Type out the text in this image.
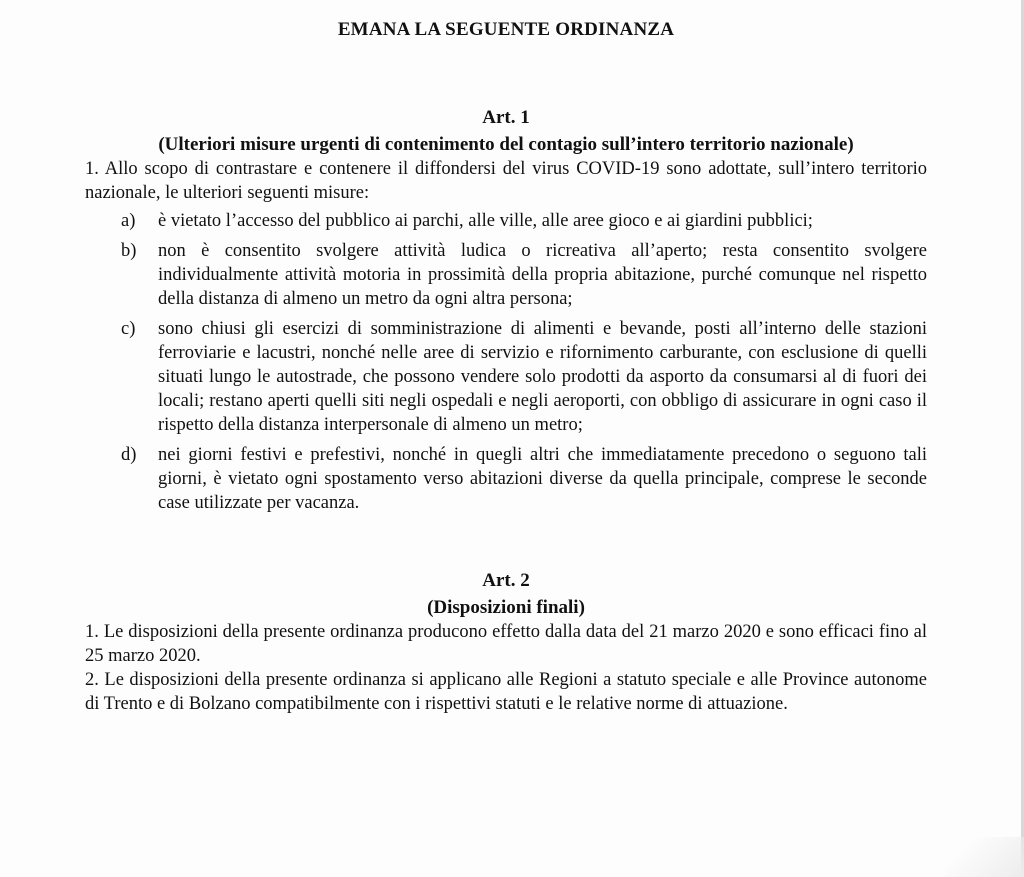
EMANA LA SEGUENTE ORDINANZA
Art. 1
(Ulteriori misure urgenti di contenimento del contagio sull’intero territorio nazionale)

1. Allo scopo di contrastare e contenere il diffondersi del virus COVID-19 sono adottate, sull’intero territorio nazionale, le ulteriori seguenti misure:

a) è vietato l’accesso del pubblico ai parchi, alle ville, alle aree gioco e ai giardini pubblici;
b) non è consentito svolgere attività ludica o ricreativa all’aperto; resta consentito svolgere individualmente attività motoria in prossimità della propria abitazione, purché comunque nel rispetto della distanza di almeno un metro da ogni altra persona;
c) sono chiusi gli esercizi di somministrazione di alimenti e bevande, posti all’interno delle stazioni ferroviarie e lacustri, nonché nelle aree di servizio e rifornimento carburante, con esclusione di quelli situati lungo le autostrade, che possono vendere solo prodotti da asporto da consumarsi al di fuori dei locali; restano aperti quelli siti negli ospedali e negli aeroporti, con obbligo di assicurare in ogni caso il rispetto della distanza interpersonale di almeno un metro;
d) nei giorni festivi e prefestivi, nonché in quegli altri che immediatamente precedono o seguono tali giorni, è vietato ogni spostamento verso abitazioni diverse da quella principale, comprese le seconde case utilizzate per vacanza.
Art. 2
(Disposizioni finali)

1. Le disposizioni della presente ordinanza producono effetto dalla data del 21 marzo 2020 e sono efficaci fino al 25 marzo 2020.

2. Le disposizioni della presente ordinanza si applicano alle Regioni a statuto speciale e alle Province autonome di Trento e di Bolzano compatibilmente con i rispettivi statuti e le relative norme di attuazione.
